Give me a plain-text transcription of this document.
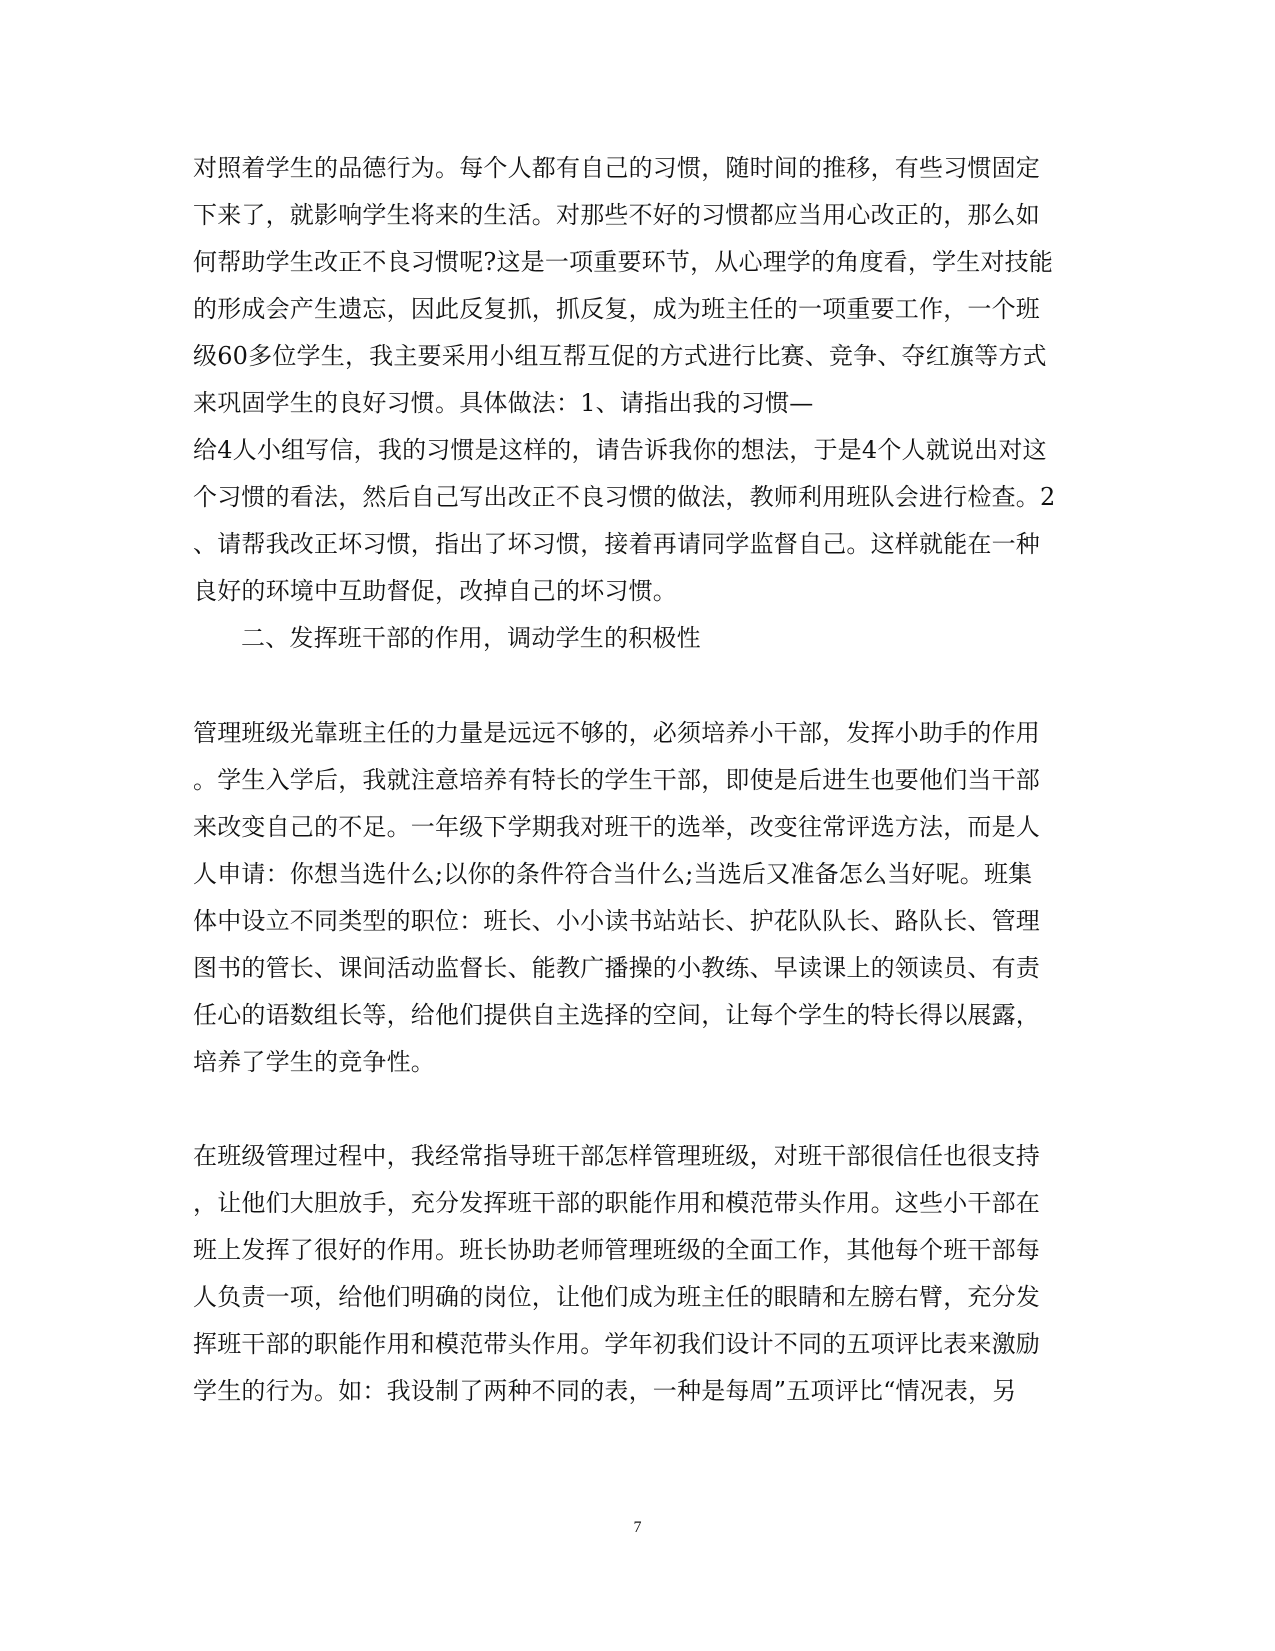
对照着学生的品德行为。每个人都有自己的习惯，随时间的推移，有些习惯固定
下来了，就影响学生将来的生活。对那些不好的习惯都应当用心改正的，那么如
何帮助学生改正不良习惯呢?这是一项重要环节，从心理学的角度看，学生对技能
的形成会产生遗忘，因此反复抓，抓反复，成为班主任的一项重要工作，一个班
级60多位学生，我主要采用小组互帮互促的方式进行比赛、竞争、夺红旗等方式
来巩固学生的良好习惯。具体做法：1、请指出我的习惯—
给4人小组写信，我的习惯是这样的，请告诉我你的想法，于是4个人就说出对这
个习惯的看法，然后自己写出改正不良习惯的做法，教师利用班队会进行检查。2
、请帮我改正坏习惯，指出了坏习惯，接着再请同学监督自己。这样就能在一种
良好的环境中互助督促，改掉自己的坏习惯。
二、发挥班干部的作用，调动学生的积极性
管理班级光靠班主任的力量是远远不够的，必须培养小干部，发挥小助手的作用
。学生入学后，我就注意培养有特长的学生干部，即使是后进生也要他们当干部
来改变自己的不足。一年级下学期我对班干的选举，改变往常评选方法，而是人
人申请：你想当选什么;以你的条件符合当什么;当选后又准备怎么当好呢。班集
体中设立不同类型的职位：班长、小小读书站站长、护花队队长、路队长、管理
图书的管长、课间活动监督长、能教广播操的小教练、早读课上的领读员、有责
任心的语数组长等，给他们提供自主选择的空间，让每个学生的特长得以展露，
培养了学生的竞争性。
在班级管理过程中，我经常指导班干部怎样管理班级，对班干部很信任也很支持
，让他们大胆放手，充分发挥班干部的职能作用和模范带头作用。这些小干部在
班上发挥了很好的作用。班长协助老师管理班级的全面工作，其他每个班干部每
人负责一项，给他们明确的岗位，让他们成为班主任的眼睛和左膀右臂，充分发
挥班干部的职能作用和模范带头作用。学年初我们设计不同的五项评比表来激励
学生的行为。如：我设制了两种不同的表，一种是每周”五项评比“情况表，另
7
